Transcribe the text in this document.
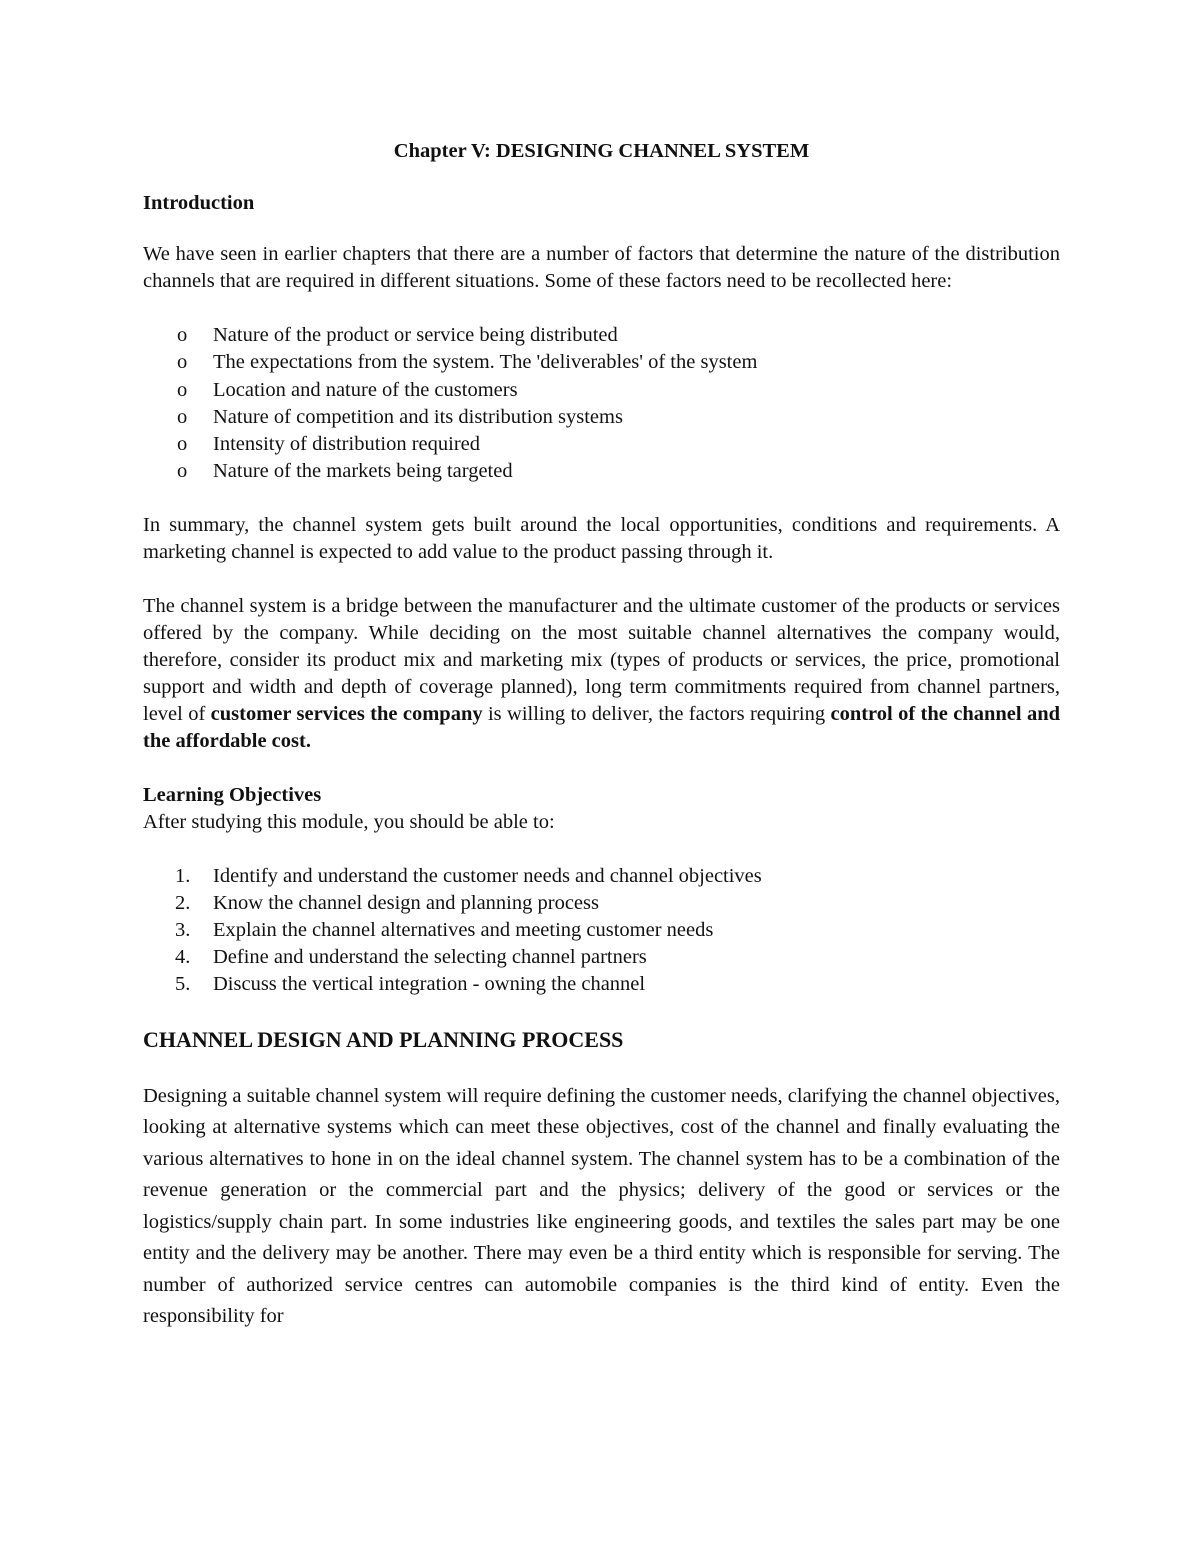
Chapter V: DESIGNING CHANNEL SYSTEM
Introduction

We have seen in earlier chapters that there are a number of factors that determine the nature of the distribution channels that are required in different situations. Some of these factors need to be recollected here:

o Nature of the product or service being distributed
o The expectations from the system. The 'deliverables' of the system
o Location and nature of the customers
o Nature of competition and its distribution systems
o Intensity of distribution required
o Nature of the markets being targeted

In summary, the channel system gets built around the local opportunities, conditions and requirements. A marketing channel is expected to add value to the product passing through it.

The channel system is a bridge between the manufacturer and the ultimate customer of the products or services offered by the company. While deciding on the most suitable channel alternatives the company would, therefore, consider its product mix and marketing mix (types of products or services, the price, promotional support and width and depth of coverage planned), long term commitments required from channel partners, level of customer services the company is willing to deliver, the factors requiring control of the channel and the affordable cost.

Learning Objectives

After studying this module, you should be able to:

1. Identify and understand the customer needs and channel objectives
2. Know the channel design and planning process
3. Explain the channel alternatives and meeting customer needs
4. Define and understand the selecting channel partners
5. Discuss the vertical integration - owning the channel
CHANNEL DESIGN AND PLANNING PROCESS

Designing a suitable channel system will require defining the customer needs, clarifying the channel objectives, looking at alternative systems which can meet these objectives, cost of the channel and finally evaluating the various alternatives to hone in on the ideal channel system. The channel system has to be a combination of the revenue generation or the commercial part and the physics; delivery of the good or services or the logistics/supply chain part. In some industries like engineering goods, and textiles the sales part may be one entity and the delivery may be another. There may even be a third entity which is responsible for serving. The number of authorized service centres can automobile companies is the third kind of entity. Even the responsibility for
